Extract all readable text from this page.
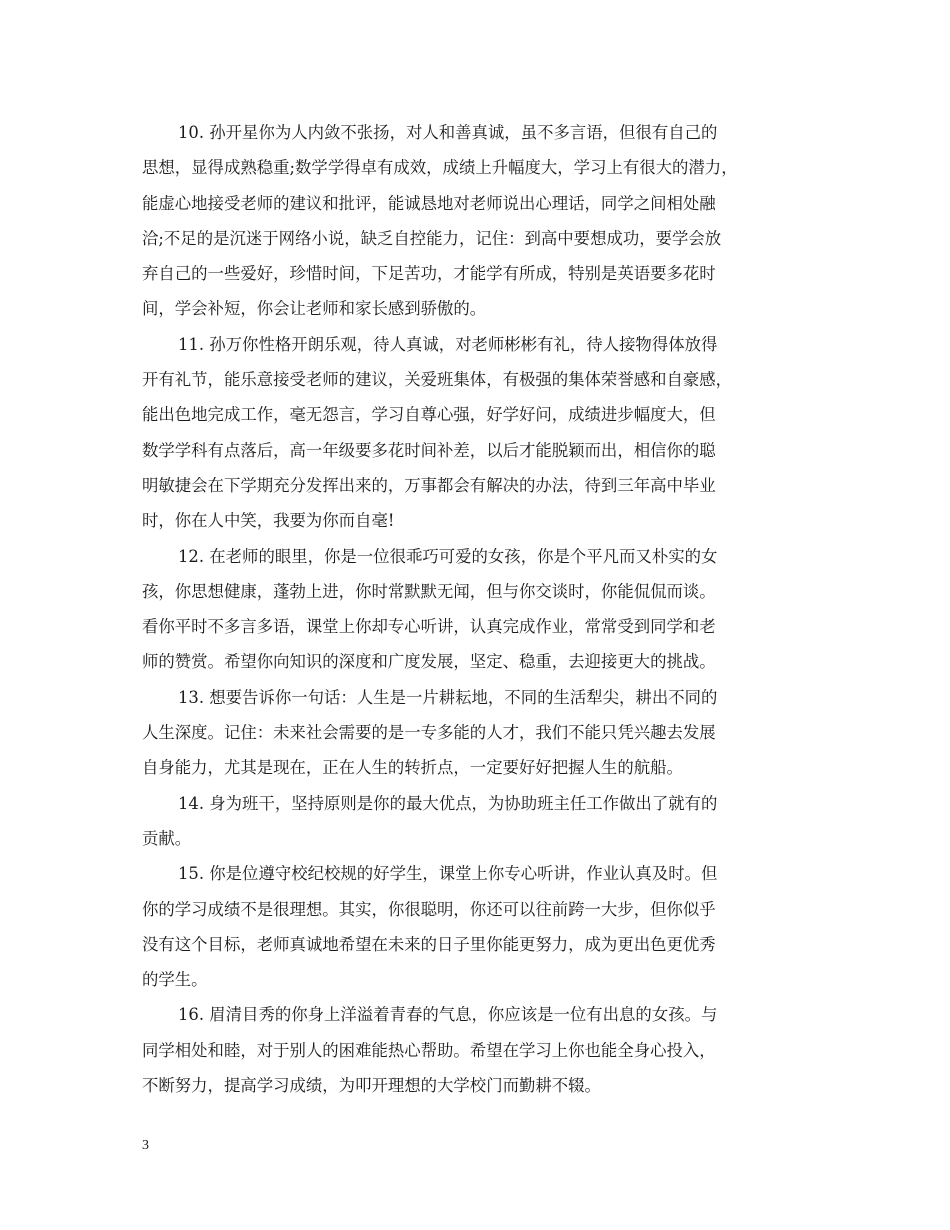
10. 孙开星你为人内敛不张扬，对人和善真诚，虽不多言语，但很有自己的
思想，显得成熟稳重;数学学得卓有成效，成绩上升幅度大，学习上有很大的潜力，
能虚心地接受老师的建议和批评，能诚恳地对老师说出心理话，同学之间相处融
洽;不足的是沉迷于网络小说，缺乏自控能力，记住：到高中要想成功，要学会放
弃自己的一些爱好，珍惜时间，下足苦功，才能学有所成，特别是英语要多花时
间，学会补短，你会让老师和家长感到骄傲的。

11. 孙万你性格开朗乐观，待人真诚，对老师彬彬有礼，待人接物得体放得
开有礼节，能乐意接受老师的建议，关爱班集体，有极强的集体荣誉感和自豪感，
能出色地完成工作，毫无怨言，学习自尊心强，好学好问，成绩进步幅度大，但
数学学科有点落后，高一年级要多花时间补差，以后才能脱颖而出，相信你的聪
明敏捷会在下学期充分发挥出来的，万事都会有解决的办法，待到三年高中毕业
时，你在人中笑，我要为你而自毫!

12. 在老师的眼里，你是一位很乖巧可爱的女孩，你是个平凡而又朴实的女
孩，你思想健康，蓬勃上进，你时常默默无闻，但与你交谈时，你能侃侃而谈。
看你平时不多言多语，课堂上你却专心听讲，认真完成作业，常常受到同学和老
师的赞赏。希望你向知识的深度和广度发展，坚定、稳重，去迎接更大的挑战。

13. 想要告诉你一句话：人生是一片耕耘地，不同的生活犁尖，耕出不同的
人生深度。记住：未来社会需要的是一专多能的人才，我们不能只凭兴趣去发展
自身能力，尤其是现在，正在人生的转折点，一定要好好把握人生的航船。

14. 身为班干，坚持原则是你的最大优点，为协助班主任工作做出了就有的
贡献。

15. 你是位遵守校纪校规的好学生，课堂上你专心听讲，作业认真及时。但
你的学习成绩不是很理想。其实，你很聪明，你还可以往前跨一大步，但你似乎
没有这个目标，老师真诚地希望在未来的日子里你能更努力，成为更出色更优秀
的学生。

16. 眉清目秀的你身上洋溢着青春的气息，你应该是一位有出息的女孩。与
同学相处和睦，对于别人的困难能热心帮助。希望在学习上你也能全身心投入，
不断努力，提高学习成绩，为叩开理想的大学校门而勤耕不辍。

3
